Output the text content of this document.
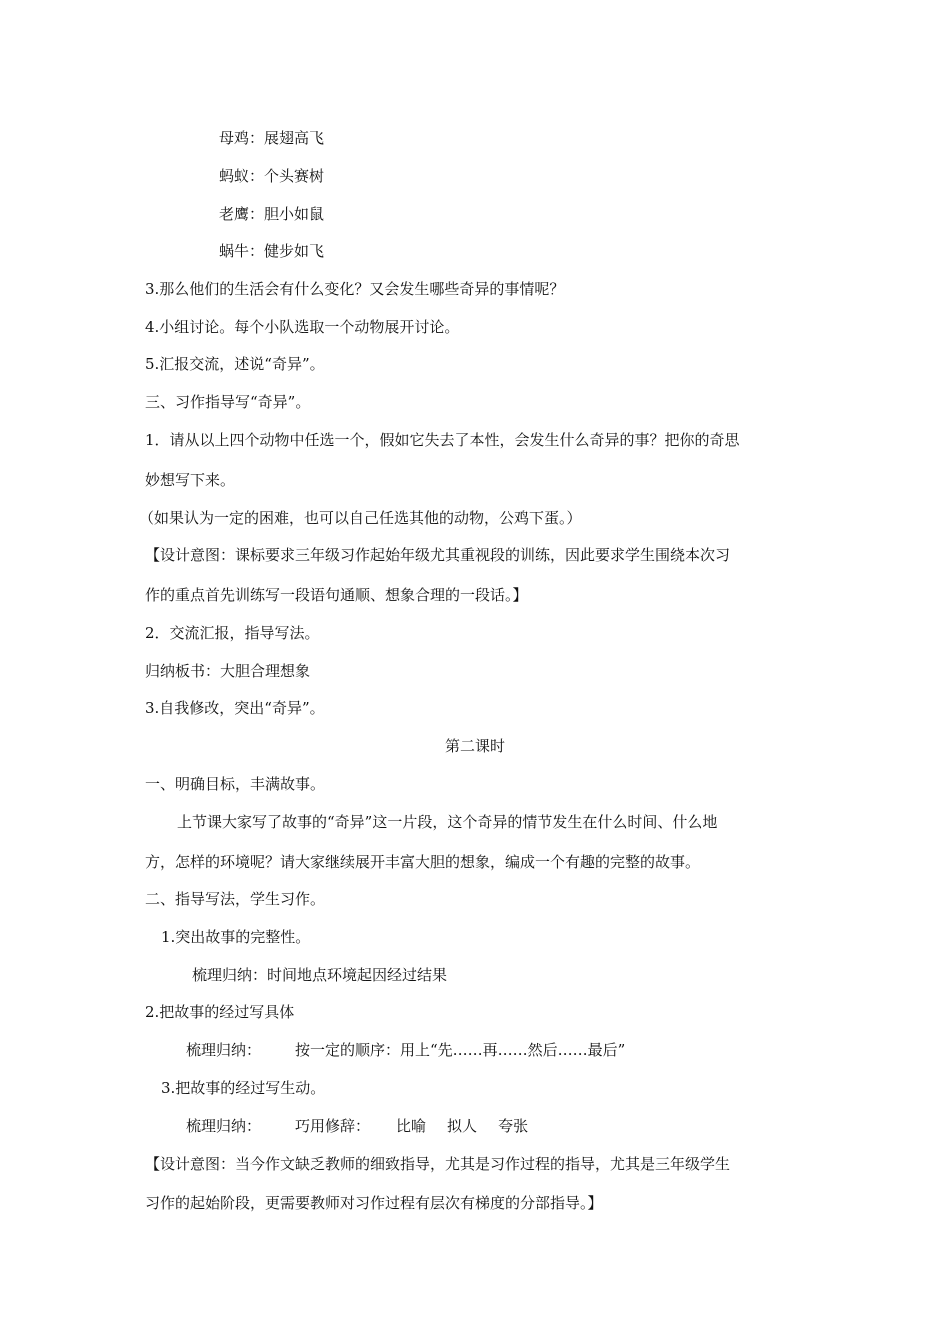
母鸡：展翅高飞
蚂蚁：个头赛树
老鹰：胆小如鼠
蜗牛：健步如飞
3.那么他们的生活会有什么变化？又会发生哪些奇异的事情呢？
4.小组讨论。每个小队选取一个动物展开讨论。
5.汇报交流，述说“奇异”。
三、习作指导写“奇异”。
1．请从以上四个动物中任选一个，假如它失去了本性，会发生什么奇异的事？把你的奇思
妙想写下来。
（如果认为一定的困难，也可以自己任选其他的动物，公鸡下蛋。）
【设计意图：课标要求三年级习作起始年级尤其重视段的训练，因此要求学生围绕本次习
作的重点首先训练写一段语句通顺、想象合理的一段话。】
2．交流汇报，指导写法。
归纳板书：大胆合理想象
3.自我修改，突出“奇异”。
第二课时
一、明确目标，丰满故事。
上节课大家写了故事的“奇异”这一片段，这个奇异的情节发生在什么时间、什么地
方，怎样的环境呢？请大家继续展开丰富大胆的想象，编成一个有趣的完整的故事。
二、指导写法，学生习作。
1.突出故事的完整性。
梳理归纳：时间地点环境起因经过结果
2.把故事的经过写具体
梳理归纳： 按一定的顺序：用上“先……再……然后……最后”
3.把故事的经过写生动。
梳理归纳： 巧用修辞： 比喻 拟人 夸张
【设计意图：当今作文缺乏教师的细致指导，尤其是习作过程的指导，尤其是三年级学生
习作的起始阶段，更需要教师对习作过程有层次有梯度的分部指导。】
